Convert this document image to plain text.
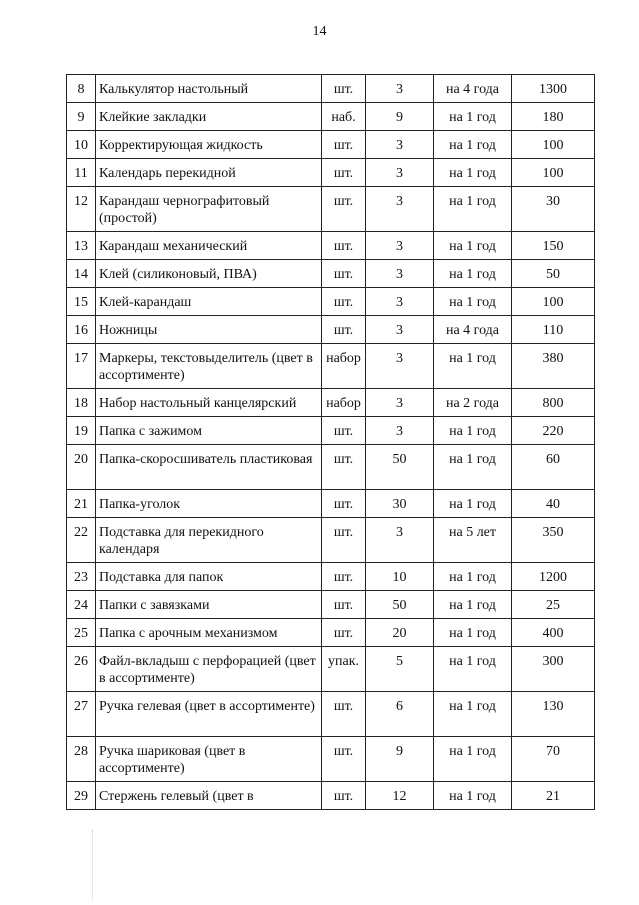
14
8	Калькулятор настольный	шт.	3	на 4 года	1300
9	Клейкие закладки	наб.	9	на 1 год	180
10	Корректирующая жидкость	шт.	3	на 1 год	100
11	Календарь перекидной	шт.	3	на 1 год	100
12	Карандаш чернографитовый (простой)	шт.	3	на 1 год	30
13	Карандаш механический	шт.	3	на 1 год	150
14	Клей (силиконовый, ПВА)	шт.	3	на 1 год	50
15	Клей-карандаш	шт.	3	на 1 год	100
16	Ножницы	шт.	3	на 4 года	110
17	Маркеры, текстовыделитель (цвет в ассортименте)	набор	3	на 1 год	380
18	Набор настольный канцелярский	набор	3	на 2 года	800
19	Папка с зажимом	шт.	3	на 1 год	220
20	Папка-скоросшиватель пластиковая	шт.	50	на 1 год	60
21	Папка-уголок	шт.	30	на 1 год	40
22	Подставка для перекидного календаря	шт.	3	на 5 лет	350
23	Подставка для папок	шт.	10	на 1 год	1200
24	Папки с завязками	шт.	50	на 1 год	25
25	Папка с арочным механизмом	шт.	20	на 1 год	400
26	Файл-вкладыш с перфорацией (цвет в ассортименте)	упак.	5	на 1 год	300
27	Ручка гелевая (цвет в ассортименте)	шт.	6	на 1 год	130
28	Ручка шариковая (цвет в ассортименте)	шт.	9	на 1 год	70
29	Стержень гелевый (цвет в	шт.	12	на 1 год	21
